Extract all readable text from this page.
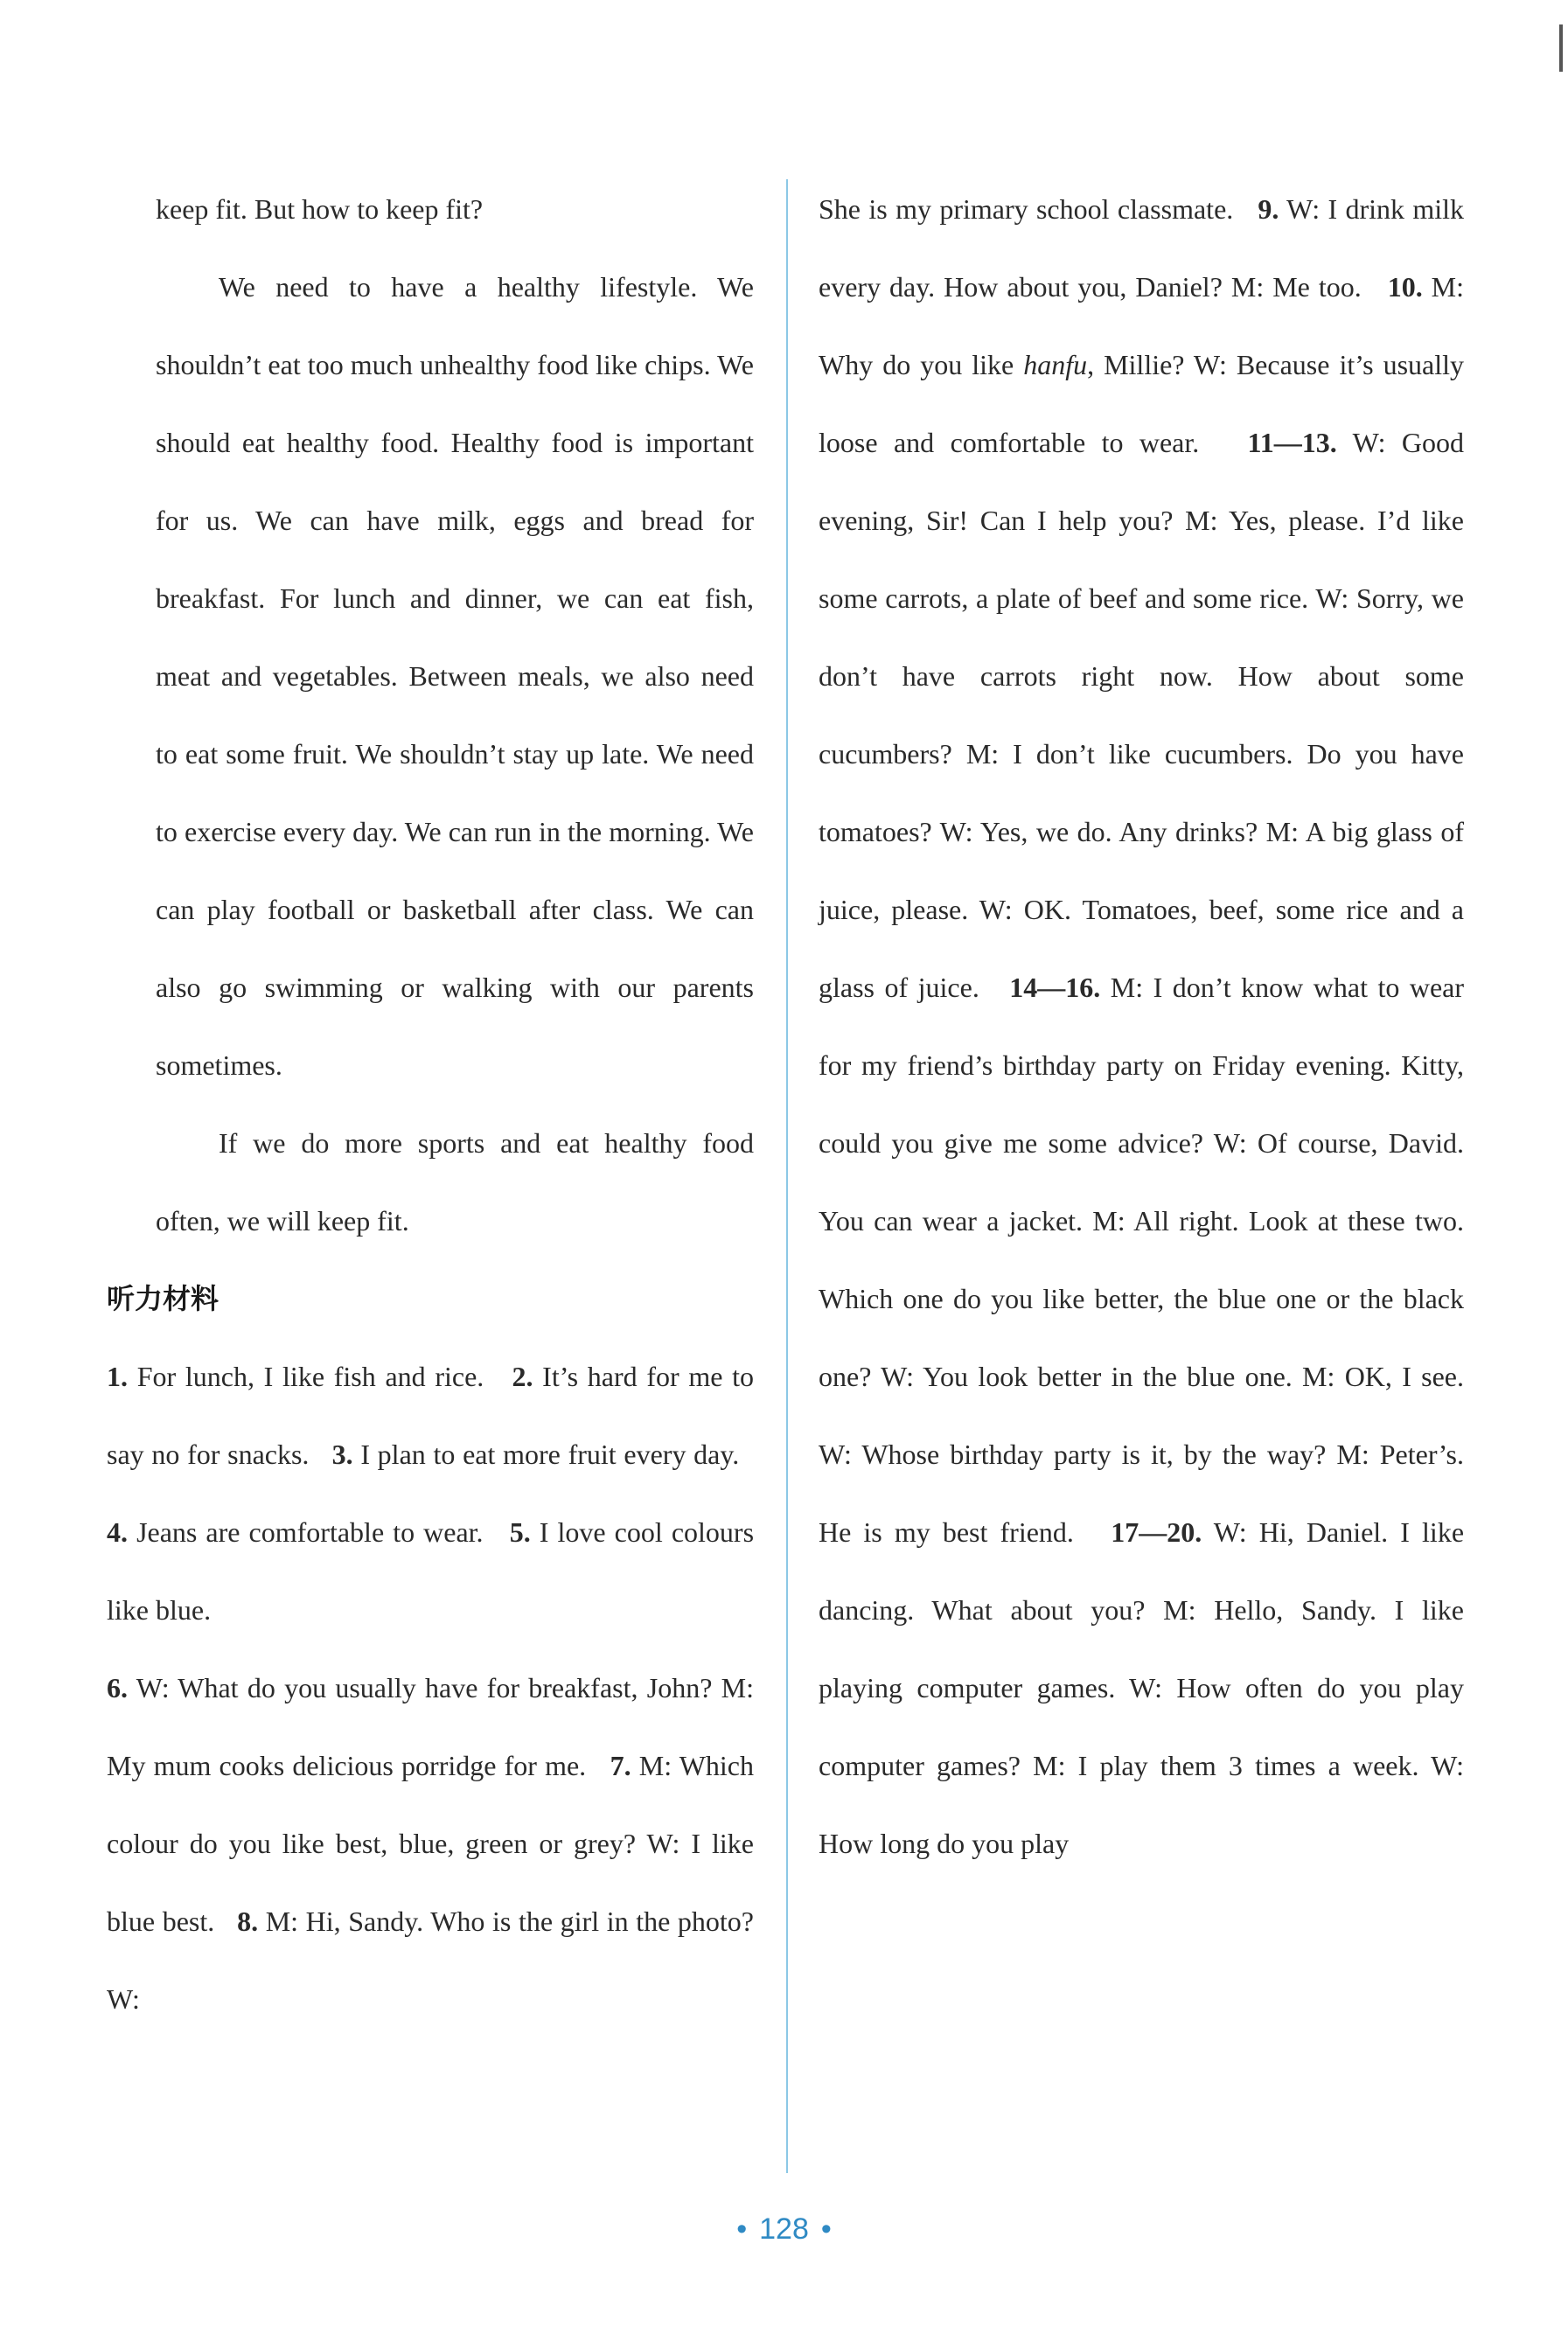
keep fit. But how to keep fit?

We need to have a healthy lifestyle. We shouldn’t eat too much unhealthy food like chips. We should eat healthy food. Healthy food is important for us. We can have milk, eggs and bread for breakfast. For lunch and dinner, we can eat fish, meat and vegetables. Between meals, we also need to eat some fruit. We shouldn’t stay up late. We need to exercise every day. We can run in the morning. We can play football or basketball after class. We can also go swimming or walking with our parents sometimes.

If we do more sports and eat healthy food often, we will keep fit.

听力材料

1. For lunch, I like fish and rice. 2. It’s hard for me to say no for snacks. 3. I plan to eat more fruit every day.   4. Jeans are comfortable to wear. 5. I love cool colours like blue.

6. W: What do you usually have for breakfast, John? M: My mum cooks delicious porridge for me. 7. M: Which colour do you like best, blue, green or grey? W: I like blue best. 8. M: Hi, Sandy. Who is the girl in the photo? W:

She is my primary school classmate. 9. W: I drink milk every day. How about you, Daniel? M: Me too. 10. M: Why do you like hanfu, Millie? W: Because it’s usually loose and comfortable to wear. 11—13. W: Good evening, Sir! Can I help you? M: Yes, please. I’d like some carrots, a plate of beef and some rice. W: Sorry, we don’t have carrots right now. How about some cucumbers? M: I don’t like cucumbers. Do you have tomatoes? W: Yes, we do. Any drinks? M: A big glass of juice, please. W: OK. Tomatoes, beef, some rice and a glass of juice. 14—16. M: I don’t know what to wear for my friend’s birthday party on Friday evening. Kitty, could you give me some advice? W: Of course, David. You can wear a jacket. M: All right. Look at these two. Which one do you like better, the blue one or the black one? W: You look better in the blue one. M: OK, I see. W: Whose birthday party is it, by the way? M: Peter’s. He is my best friend. 17—20. W: Hi, Daniel. I like dancing. What about you? M: Hello, Sandy. I like playing computer games. W: How often do you play computer games? M: I play them 3 times a week. W: How long do you play

• 128 •
